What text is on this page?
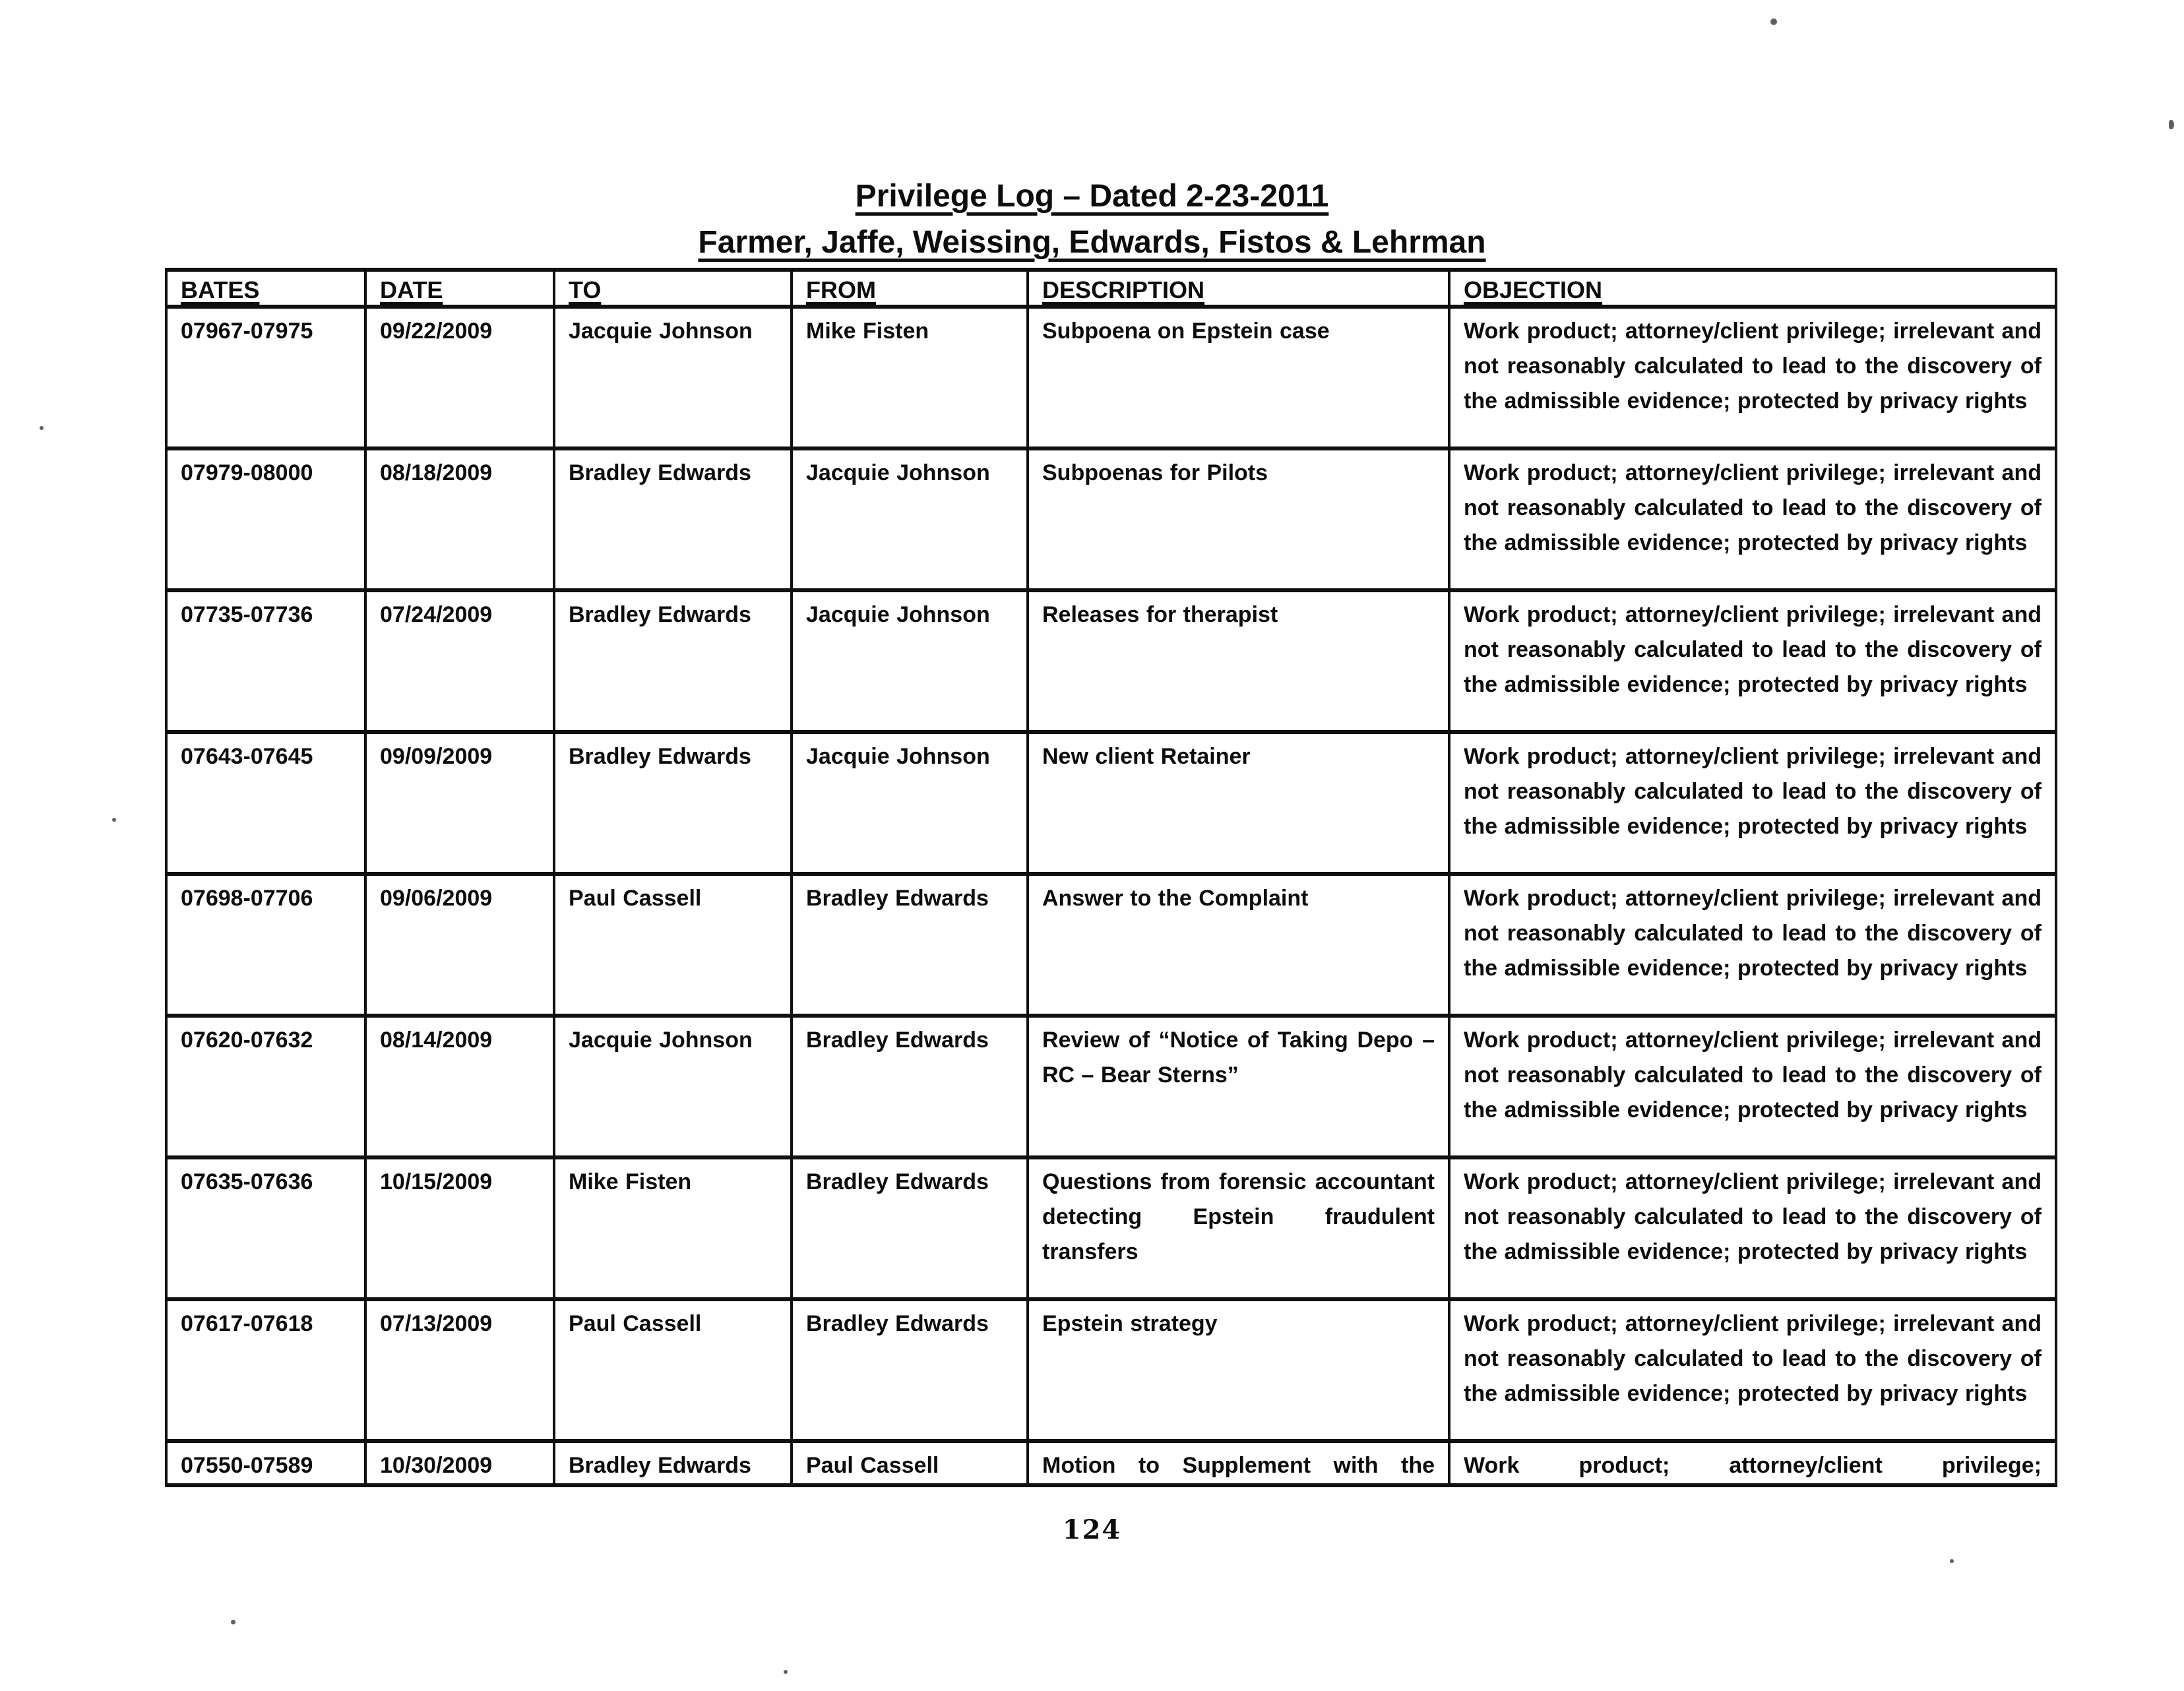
Privilege Log – Dated 2-23-2011
Farmer, Jaffe, Weissing, Edwards, Fistos & Lehrman
BATES	DATE	TO	FROM	DESCRIPTION	OBJECTION
07967-07975	09/22/2009	Jacquie Johnson	Mike Fisten	Subpoena on Epstein case	Work product; attorney/client privilege; irrelevant and not reasonably calculated to lead to the discovery of the admissible evidence; protected by privacy rights
07979-08000	08/18/2009	Bradley Edwards	Jacquie Johnson	Subpoenas for Pilots	Work product; attorney/client privilege; irrelevant and not reasonably calculated to lead to the discovery of the admissible evidence; protected by privacy rights
07735-07736	07/24/2009	Bradley Edwards	Jacquie Johnson	Releases for therapist	Work product; attorney/client privilege; irrelevant and not reasonably calculated to lead to the discovery of the admissible evidence; protected by privacy rights
07643-07645	09/09/2009	Bradley Edwards	Jacquie Johnson	New client Retainer	Work product; attorney/client privilege; irrelevant and not reasonably calculated to lead to the discovery of the admissible evidence; protected by privacy rights
07698-07706	09/06/2009	Paul Cassell	Bradley Edwards	Answer to the Complaint	Work product; attorney/client privilege; irrelevant and not reasonably calculated to lead to the discovery of the admissible evidence; protected by privacy rights
07620-07632	08/14/2009	Jacquie Johnson	Bradley Edwards	Review of “Notice of Taking Depo – RC – Bear Sterns”	Work product; attorney/client privilege; irrelevant and not reasonably calculated to lead to the discovery of the admissible evidence; protected by privacy rights
07635-07636	10/15/2009	Mike Fisten	Bradley Edwards	Questions from forensic accountant detecting Epstein fraudulent transfers	Work product; attorney/client privilege; irrelevant and not reasonably calculated to lead to the discovery of the admissible evidence; protected by privacy rights
07617-07618	07/13/2009	Paul Cassell	Bradley Edwards	Epstein strategy	Work product; attorney/client privilege; irrelevant and not reasonably calculated to lead to the discovery of the admissible evidence; protected by privacy rights
07550-07589	10/30/2009	Bradley Edwards	Paul Cassell	Motion to Supplement with the	Work product; attorney/client privilege;
124
